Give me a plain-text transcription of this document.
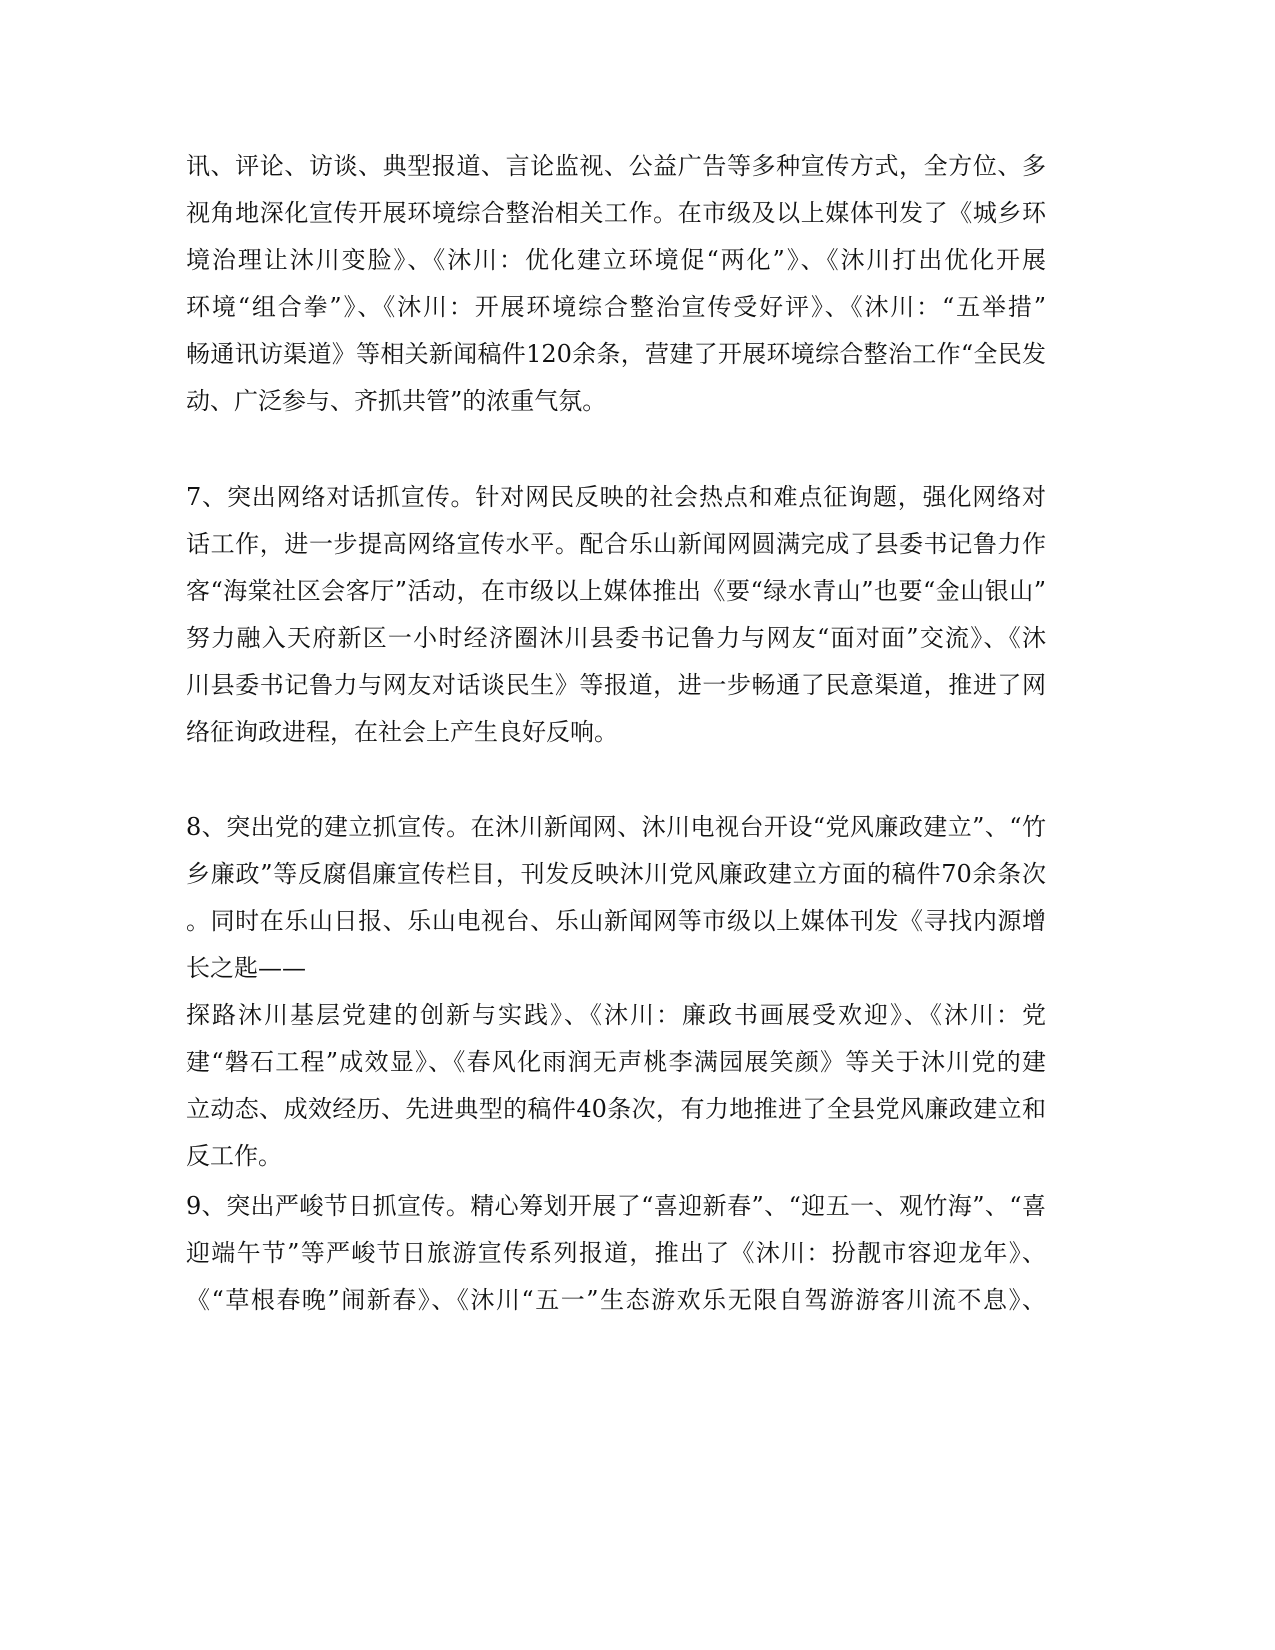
讯、评论、访谈、典型报道、言论监视、公益广告等多种宣传方式，全方位、多
视角地深化宣传开展环境综合整治相关工作。在市级及以上媒体刊发了《城乡环
境治理让沐川变脸》、《沐川：优化建立环境促“两化”》、《沐川打出优化开展
环境“组合拳”》、《沐川：开展环境综合整治宣传受好评》、《沐川：“五举措”
畅通讯访渠道》等相关新闻稿件120余条，营建了开展环境综合整治工作“全民发
动、广泛参与、齐抓共管”的浓重气氛。
7、突出网络对话抓宣传。针对网民反映的社会热点和难点征询题，强化网络对
话工作，进一步提高网络宣传水平。配合乐山新闻网圆满完成了县委书记鲁力作
客“海棠社区会客厅”活动，在市级以上媒体推出《要“绿水青山”也要“金山银山”
努力融入天府新区一小时经济圈沐川县委书记鲁力与网友“面对面”交流》、《沐
川县委书记鲁力与网友对话谈民生》等报道，进一步畅通了民意渠道，推进了网
络征询政进程，在社会上产生良好反响。
8、突出党的建立抓宣传。在沐川新闻网、沐川电视台开设“党风廉政建立”、“竹
乡廉政”等反腐倡廉宣传栏目，刊发反映沐川党风廉政建立方面的稿件70余条次
。同时在乐山日报、乐山电视台、乐山新闻网等市级以上媒体刊发《寻找内源增
长之匙——
探路沐川基层党建的创新与实践》、《沐川：廉政书画展受欢迎》、《沐川：党
建“磐石工程”成效显》、《春风化雨润无声桃李满园展笑颜》等关于沐川党的建
立动态、成效经历、先进典型的稿件40条次，有力地推进了全县党风廉政建立和
反工作。
9、突出严峻节日抓宣传。精心筹划开展了“喜迎新春”、“迎五一、观竹海”、“喜
迎端午节”等严峻节日旅游宣传系列报道，推出了《沐川：扮靓市容迎龙年》、
《“草根春晚”闹新春》、《沐川“五一”生态游欢乐无限自驾游游客川流不息》、
